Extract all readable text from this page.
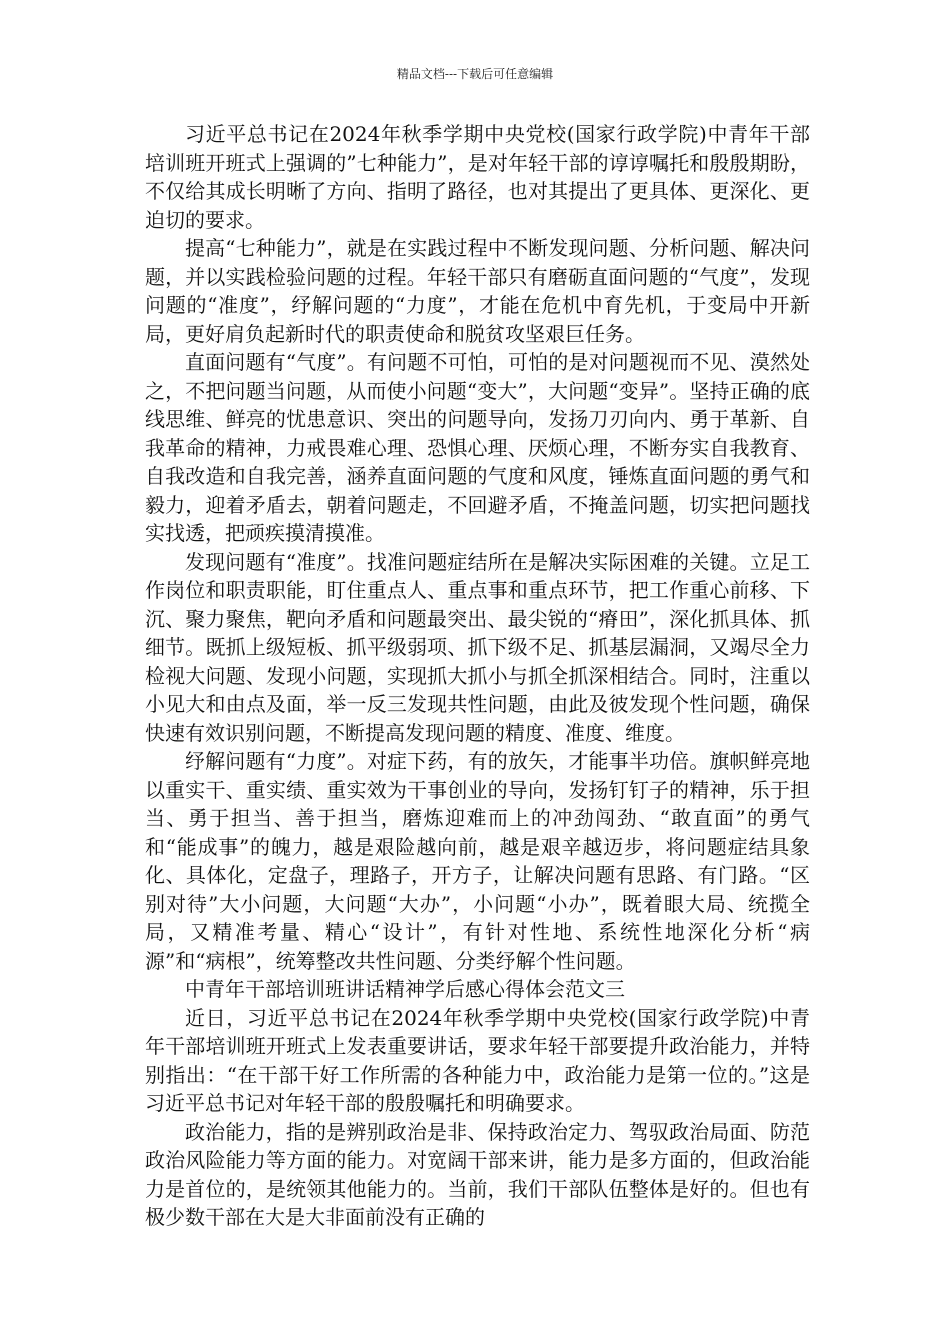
精品文档---下载后可任意编辑

习近平总书记在2024年秋季学期中央党校(国家行政学院)中青年干部培训班开班式上强调的”七种能力”，是对年轻干部的谆谆嘱托和殷殷期盼，不仅给其成长明晰了方向、指明了路径，也对其提出了更具体、更深化、更迫切的要求。

提高“七种能力”，就是在实践过程中不断发现问题、分析问题、解决问题，并以实践检验问题的过程。年轻干部只有磨砺直面问题的“气度”，发现问题的“准度”，纾解问题的“力度”，才能在危机中育先机，于变局中开新局，更好肩负起新时代的职责使命和脱贫攻坚艰巨任务。

直面问题有“气度”。有问题不可怕，可怕的是对问题视而不见、漠然处之，不把问题当问题，从而使小问题“变大”，大问题“变异”。坚持正确的底线思维、鲜亮的忧患意识、突出的问题导向，发扬刀刃向内、勇于革新、自我革命的精神，力戒畏难心理、恐惧心理、厌烦心理，不断夯实自我教育、自我改造和自我完善，涵养直面问题的气度和风度，锤炼直面问题的勇气和毅力，迎着矛盾去，朝着问题走，不回避矛盾，不掩盖问题，切实把问题找实找透，把顽疾摸清摸准。

发现问题有“准度”。找准问题症结所在是解决实际困难的关键。立足工作岗位和职责职能，盯住重点人、重点事和重点环节，把工作重心前移、下沉、聚力聚焦，靶向矛盾和问题最突出、最尖锐的“瘠田”，深化抓具体、抓细节。既抓上级短板、抓平级弱项、抓下级不足、抓基层漏洞，又竭尽全力检视大问题、发现小问题，实现抓大抓小与抓全抓深相结合。同时，注重以小见大和由点及面，举一反三发现共性问题，由此及彼发现个性问题，确保快速有效识别问题，不断提高发现问题的精度、准度、维度。

纾解问题有“力度”。对症下药，有的放矢，才能事半功倍。旗帜鲜亮地以重实干、重实绩、重实效为干事创业的导向，发扬钉钉子的精神，乐于担当、勇于担当、善于担当，磨炼迎难而上的冲劲闯劲、“敢直面”的勇气和“能成事”的魄力，越是艰险越向前，越是艰辛越迈步，将问题症结具象化、具体化，定盘子，理路子，开方子，让解决问题有思路、有门路。“区别对待”大小问题，大问题“大办”，小问题“小办”，既着眼大局、统揽全局，又精准考量、精心“设计”，有针对性地、系统性地深化分析“病源”和“病根”，统筹整改共性问题、分类纾解个性问题。

中青年干部培训班讲话精神学后感心得体会范文三

近日，习近平总书记在2024年秋季学期中央党校(国家行政学院)中青年干部培训班开班式上发表重要讲话，要求年轻干部要提升政治能力，并特别指出：“在干部干好工作所需的各种能力中，政治能力是第一位的。”这是习近平总书记对年轻干部的殷殷嘱托和明确要求。

政治能力，指的是辨别政治是非、保持政治定力、驾驭政治局面、防范政治风险能力等方面的能力。对宽阔干部来讲，能力是多方面的，但政治能力是首位的，是统领其他能力的。当前，我们干部队伍整体是好的。但也有极少数干部在大是大非面前没有正确的
